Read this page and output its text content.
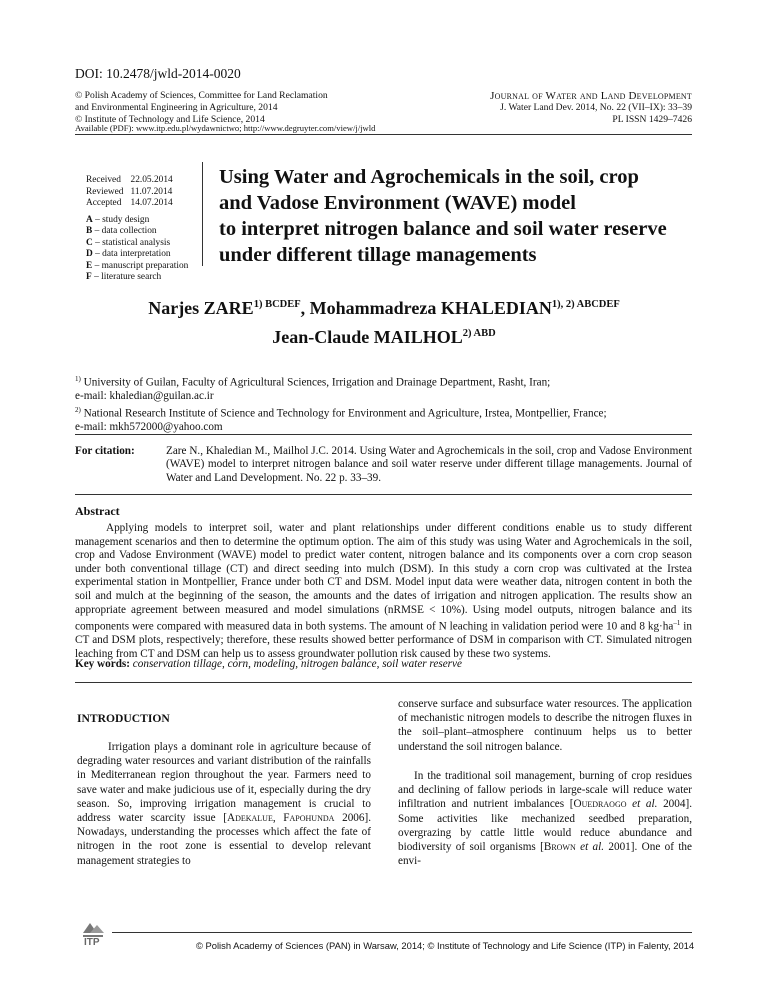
DOI: 10.2478/jwld-2014-0020
© Polish Academy of Sciences, Committee for Land Reclamation
and Environmental Engineering in Agriculture, 2014
© Institute of Technology and Life Science, 2014
Journal of Water and Land Development
J. Water Land Dev. 2014, No. 22 (VII–IX): 33–39
PL ISSN 1429–7426
Available (PDF): www.itp.edu.pl/wydawnictwo; http://www.degruyter.com/view/j/jwld
Received	22.05.2014
Reviewed	11.07.2014
Accepted	14.07.2014
A – study design
B – data collection
C – statistical analysis
D – data interpretation
E – manuscript preparation
F – literature search
Using Water and Agrochemicals in the soil, crop
and Vadose Environment (WAVE) model
to interpret nitrogen balance and soil water reserve
under different tillage managements
Narjes $ZARE^{1) BCDEF}$, Mohammadreza $KHALEDIAN^{1), 2) ABCDEF}$
Jean-Claude $MAILHOL^{2) ABD}$
$^{1)}$ University of Guilan, Faculty of Agricultural Sciences, Irrigation and Drainage Department, Rasht, Iran;
e-mail: khaledian@guilan.ac.ir
$^{2)}$ National Research Institute of Science and Technology for Environment and Agriculture, Irstea, Montpellier, France;
e-mail: mkh572000@yahoo.com
For citation:	Zare N., Khaledian M., Mailhol J.C. 2014. Using Water and Agrochemicals in the soil, crop and Vadose Environment (WAVE) model to interpret nitrogen balance and soil water reserve under different tillage managements. Journal of Water and Land Development. No. 22 p. 33–39.
Abstract
Applying models to interpret soil, water and plant relationships under different conditions enable us to study different management scenarios and then to determine the optimum option. The aim of this study was using Water and Agrochemicals in the soil, crop and Vadose Environment (WAVE) model to predict water content, nitrogen balance and its components over a corn crop season under both conventional tillage (CT) and direct seeding into mulch (DSM). In this study a corn crop was cultivated at the Irstea experimental station in Montpellier, France under both CT and DSM. Model input data were weather data, nitrogen content in both the soil and mulch at the beginning of the season, the amounts and the dates of irrigation and nitrogen application. The results show an appropriate agreement between measured and model simulations (nRMSE < 10%). Using model outputs, nitrogen balance and its components were compared with measured data in both systems. The amount of N leaching in validation period were 10 and 8 $kg\cdot ha^{-1}$ in CT and DSM plots, respectively; therefore, these results showed better performance of DSM in comparison with CT. Simulated nitrogen leaching from CT and DSM can help us to assess groundwater pollution risk caused by these two systems.
Key words: conservation tillage, corn, modeling, nitrogen balance, soil water reserve
INTRODUCTION
Irrigation plays a dominant role in agriculture because of degrading water resources and variant distribution of the rainfalls in Mediterranean region throughout the year. Farmers need to save water and make judicious use of it, especially during the dry season. So, improving irrigation management is crucial to address water scarcity issue [Adekalue, Fapohunda 2006]. Nowadays, understanding the processes which affect the fate of nitrogen in the root zone is essential to develop relevant management strategies to
conserve surface and subsurface water resources. The application of mechanistic nitrogen models to describe the nitrogen fluxes in the soil–plant–atmosphere continuum helps us to better understand the soil nitrogen balance.
In the traditional soil management, burning of crop residues and declining of fallow periods in large-scale will reduce water infiltration and nutrient imbalances [Ouedraogo et al. 2004]. Some activities like mechanized seedbed preparation, overgrazing by cattle little would reduce abundance and biodiversity of soil organisms [Brown et al. 2001]. One of the envi-
ITP	© Polish Academy of Sciences (PAN) in Warsaw, 2014; © Institute of Technology and Life Science (ITP) in Falenty, 2014
